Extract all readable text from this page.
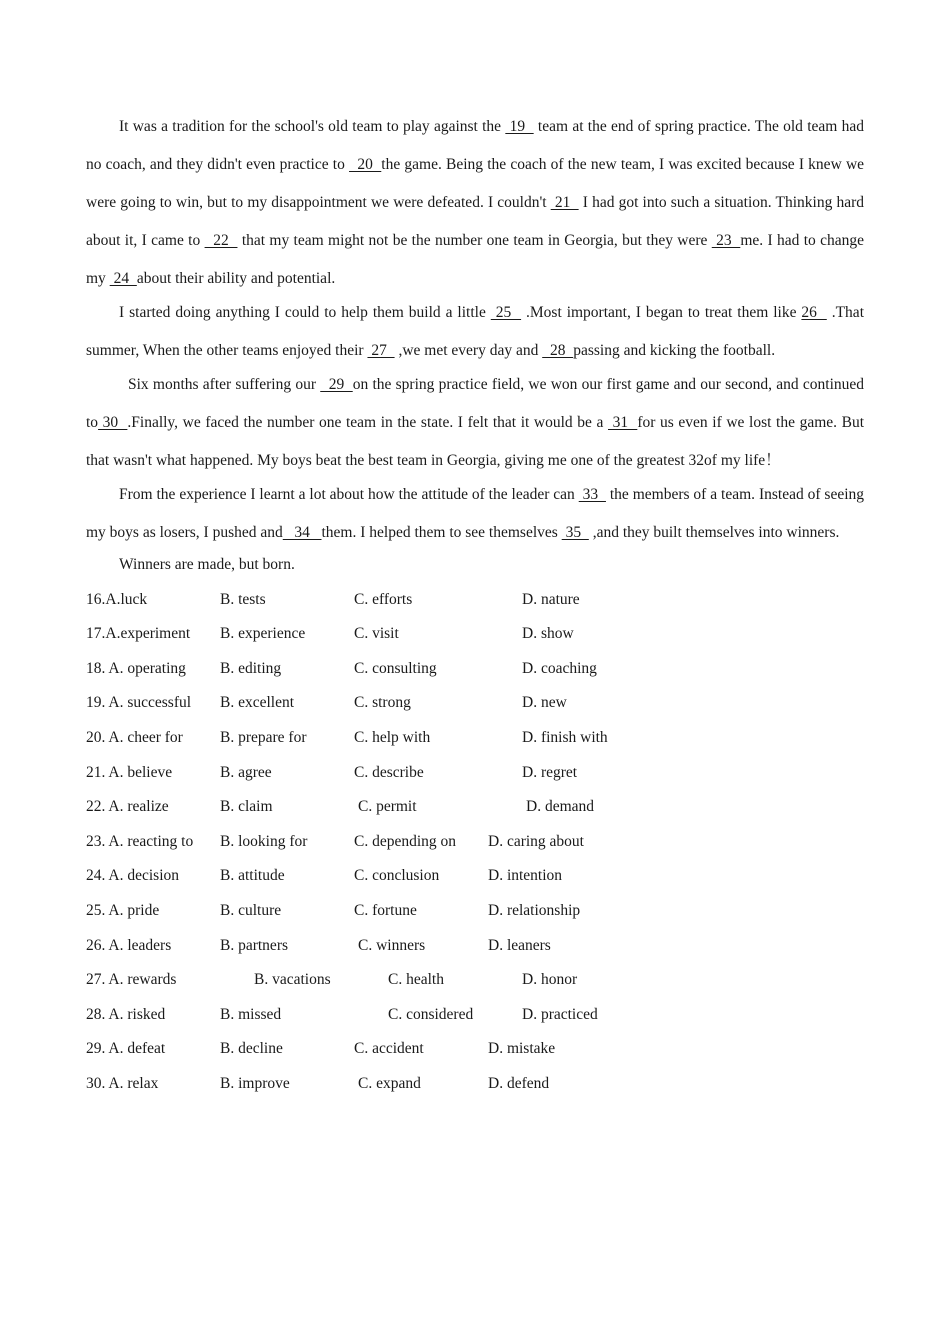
It was a tradition for the school's old team to play against the  19   team at the end of spring practice. The old team had no coach, and they didn't even practice to   20  the game. Being the coach of the new team, I was excited because I knew we were going to win, but to my disappointment we were defeated. I couldn't  21   I had got into such a situation. Thinking hard about it, I came to   22   that my team might not be the number one team in Georgia, but they were  23  me. I had to change my  24  about their ability and potential.

I started doing anything I could to help them build a little  25   .Most important, I began to treat them like 26   .That summer, When the other teams enjoyed their  27   ,we met every day and   28  passing and kicking the football.

Six months after suffering our   29  on the spring practice field, we won our first game and our second, and continued to 30  .Finally, we faced the number one team in the state. I felt that it would be a  31  for us even if we lost the game. But that wasn't what happened. My boys beat the best team in Georgia, giving me one of the greatest 32of my life！

From the experience I learnt a lot about how the attitude of the leader can  33   the members of a team. Instead of seeing my boys as losers, I pushed and   34   them. I helped them to see themselves  35   ,and they built themselves into winners.

Winners are made, but born.

16.A.luck	B. tests	C. efforts	D. nature
17.A.experiment B. experience	C. visit	D. show
18. A. operating B. editing	C. consulting	D. coaching
19. A. successful B. excellent	C. strong	D. new
20. A. cheer for B. prepare for	C. help with	D. finish with
21. A. believe	B. agree	C. describe	D. regret
22. A. realize	B. claim	C. permit	D. demand
23. A. reacting to B. looking for	C. depending on D. caring about
24. A. decision	B. attitude	C. conclusion	D. intention
25. A. pride	B. culture	C. fortune	D. relationship
26. A. leaders	B. partners	C. winners	D. leaners
27. A. rewards	B. vacations	C. health	D. honor
28. A. risked	B. missed	C. considered	D. practiced
29. A. defeat	B. decline	C. accident	D. mistake
30. A. relax	B. improve	C. expand	D. defend
